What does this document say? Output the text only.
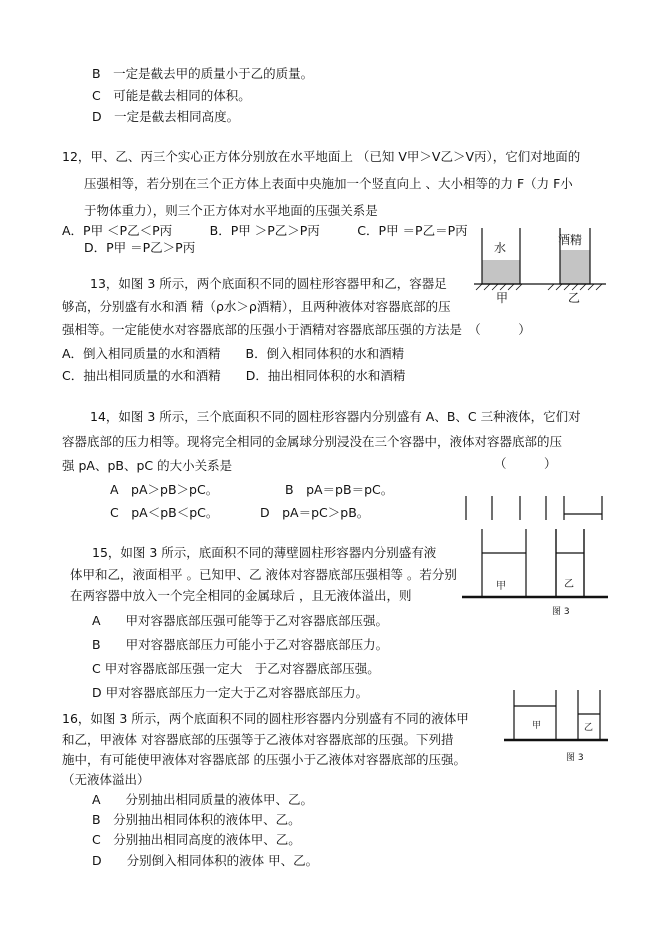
B　一定是截去甲的质量小于乙的质量。
C　可能是截去相同的体积。
D　一定是截去相同高度。
12，甲、乙、丙三个实心正方体分别放在水平地面上 （已知 V甲＞V乙＞V丙），它们对地面的
压强相等，若分别在三个正方体上表面中央施加一个竖直向上 、大小相等的力 F（力 F小
于物体重力），则三个正方体对水平地面的压强关系是
A．P甲 ＜P乙＜P丙　　　B．P甲 ＞P乙＞P丙　　　C．P甲 ＝P乙＝P丙
D．P甲 ＝P乙＞P丙
13，如图 3 所示，两个底面积不同的圆柱形容器甲和乙，容器足
够高，分别盛有水和酒 精（ρ水＞ρ酒精），且两种液体对容器底部的压
强相等。一定能使水对容器底部的压强小于酒精对容器底部压强的方法是　（　　　）
A．倒入相同质量的水和酒精　　B．倒入相同体积的水和酒精
C．抽出相同质量的水和酒精　　D．抽出相同体积的水和酒精
水
酒精
甲	乙
14，如图 3 所示，三个底面积不同的圆柱形容器内分别盛有 A、B、C 三种液体，它们对
容器底部的压力相等。现将完全相同的金属球分别浸没在三个容器中，液体对容器底部的压
强 pA、pB、pC 的大小关系是	（　　　）
A　pA＞pB＞pC。	B　pA＝pB＝pC。
C　pA＜pB＜pC。	D　pA＝pC＞pB。
15，如图 3 所示，底面积不同的薄壁圆柱形容器内分别盛有液
体甲和乙，液面相平 。已知甲、乙 液体对容器底部压强相等 。若分别
在两容器中放入一个完全相同的金属球后 ，且无液体溢出，则
A　　甲对容器底部压强可能等于乙对容器底部压强。
B　　甲对容器底部压力可能小于乙对容器底部压力。
C 甲对容器底部压强一定大　于乙对容器底部压强。
D 甲对容器底部压力一定大于乙对容器底部压力。
甲	乙
图 3
16，如图 3 所示，两个底面积不同的圆柱形容器内分别盛有不同的液体甲
和乙，甲液体 对容器底部的压强等于乙液体对容器底部的压强。下列措
施中，有可能使甲液体对容器底部 的压强小于乙液体对容器底部的压强。
（无液体溢出）
A　　分别抽出相同质量的液体甲、乙。
B　分别抽出相同体积的液体甲、乙。
C　分别抽出相同高度的液体甲、乙。
D　　分别倒入相同体积的液体 甲、乙。
甲	乙
图 3
